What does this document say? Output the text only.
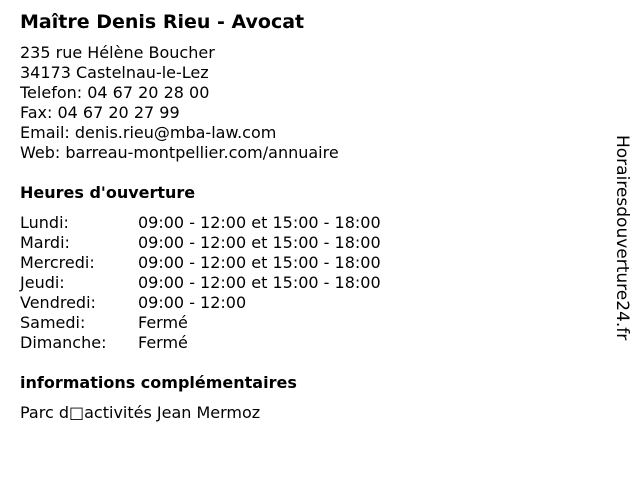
Maître Denis Rieu - Avocat
235 rue Hélène Boucher
34173 Castelnau-le-Lez
Telefon: 04 67 20 28 00
Fax: 04 67 20 27 99
Email: denis.rieu@mba-law.com
Web: barreau-montpellier.com/annuaire
Heures d'ouverture
Lundi:	09:00 - 12:00 et 15:00 - 18:00
Mardi:	09:00 - 12:00 et 15:00 - 18:00
Mercredi:	09:00 - 12:00 et 15:00 - 18:00
Jeudi:	09:00 - 12:00 et 15:00 - 18:00
Vendredi:	09:00 - 12:00
Samedi:	Fermé
Dimanche: Fermé
informations complémentaires
Parc d□activités Jean Mermoz
Horairesdouverture24.fr
